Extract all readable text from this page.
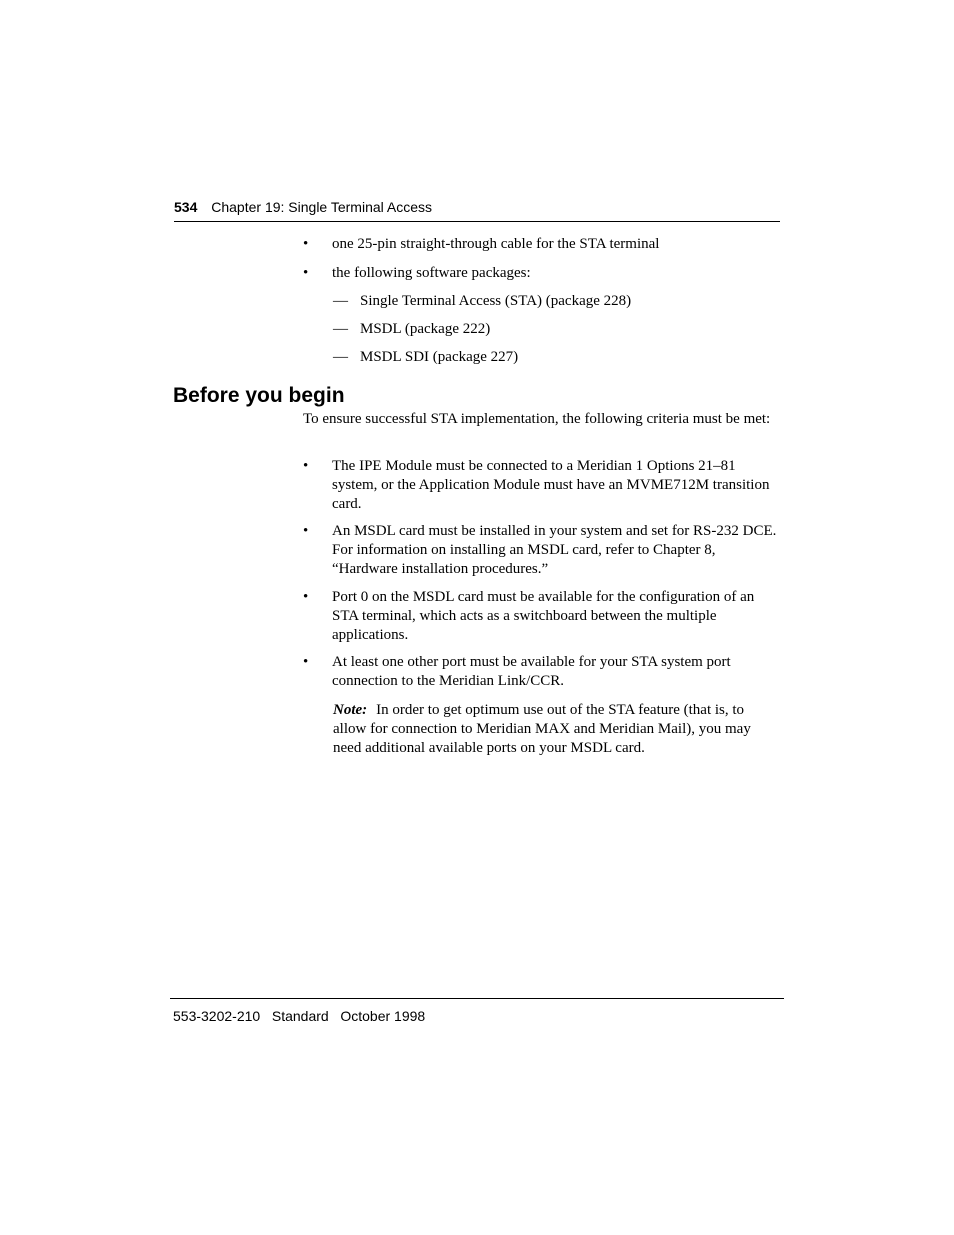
534 Chapter 19: Single Terminal Access
• one 25-pin straight-through cable for the STA terminal
• the following software packages:
— Single Terminal Access (STA) (package 228)
— MSDL (package 222)
— MSDL SDI (package 227)
Before you begin
To ensure successful STA implementation, the following criteria must be met:
• The IPE Module must be connected to a Meridian 1 Options 21–81 system, or the Application Module must have an MVME712M transition card.
• An MSDL card must be installed in your system and set for RS-232 DCE. For information on installing an MSDL card, refer to Chapter 8, “Hardware installation procedures.”
• Port 0 on the MSDL card must be available for the configuration of an STA terminal, which acts as a switchboard between the multiple applications.
• At least one other port must be available for your STA system port connection to the Meridian Link/CCR.
Note: In order to get optimum use out of the STA feature (that is, to allow for connection to Meridian MAX and Meridian Mail), you may need additional available ports on your MSDL card.
553-3202-210   Standard   October 1998
